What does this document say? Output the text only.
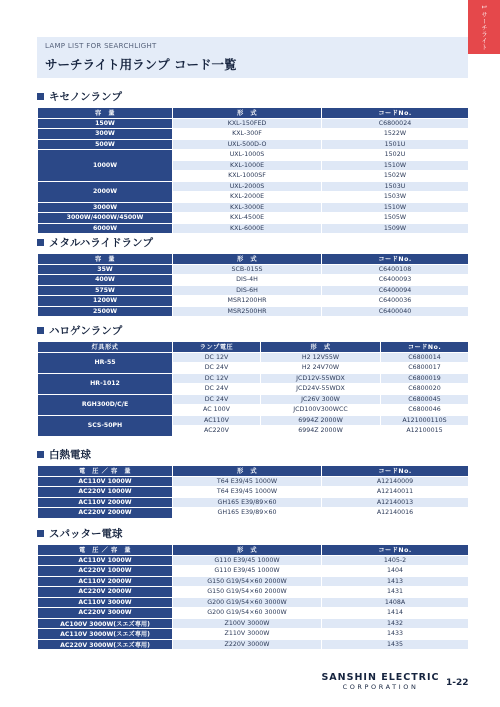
1 サーチライト
LAMP LIST FOR SEARCHLIGHT
サーチライト用ランプ コード一覧
キセノンランプ
容　量	形　式	コードNo.
150W	KXL-150FED	C6800024
300W	KXL-300F	1522W
500W	UXL-500D-O	1501U
1000W	UXL-1000S	1502U
	KXL-1000E	1510W
	KXL-1000SF	1502W
2000W	UXL-2000S	1503U
	KXL-2000E	1503W
3000W	KXL-3000E	1510W
3000W/4000W/4500W	KXL-4500E	1505W
6000W	KXL-6000E	1509W
メタルハライドランプ
容　量	形　式	コードNo.
35W	SCB-015S	C6400108
400W	DIS-4H	C6400093
575W	DIS-6H	C6400094
1200W	MSR1200HR	C6400036
2500W	MSR2500HR	C6400040
ハロゲンランプ
灯具形式	ランプ電圧	形　式	コードNo.
HR-55	DC 12V	H2 12V55W	C6800014
	DC 24V	H2 24V70W	C6800017
HR-1012	DC 12V	JCD12V-55WDX	C6800019
	DC 24V	JCD24V-55WDX	C6800020
RGH300D/C/E	DC 24V	JC26V 300W	C6800045
	AC 100V	JCD100V300WCC	C6800046
SCS-50PH	AC110V	6994Z 2000W	A121000110S
	AC220V	6994Z 2000W	A12100015
白熱電球
電　圧 ／ 容　量	形　式	コードNo.
AC110V 1000W	T64 E39/45 1000W	A12140009
AC220V 1000W	T64 E39/45 1000W	A12140011
AC110V 2000W	GH165 E39/89×60	A12140013
AC220V 2000W	GH165 E39/89×60	A12140016
スパッター電球
電　圧 ／ 容　量	形　式	コードNo.
AC110V 1000W	G110 E39/45 1000W	1405-2
AC220V 1000W	G110 E39/45 1000W	1404
AC110V 2000W	G150 G19/54×60 2000W	1413
AC220V 2000W	G150 G19/54×60 2000W	1431
AC110V 3000W	G200 G19/54×60 3000W	1408A
AC220V 3000W	G200 G19/54×60 3000W	1414
AC100V 3000W(スエズ専用)	Z100V 3000W	1432
AC110V 3000W(スエズ専用)	Z110V 3000W	1433
AC220V 3000W(スエズ専用)	Z220V 3000W	1435
SANSHIN ELECTRIC
CORPORATION	1-22
